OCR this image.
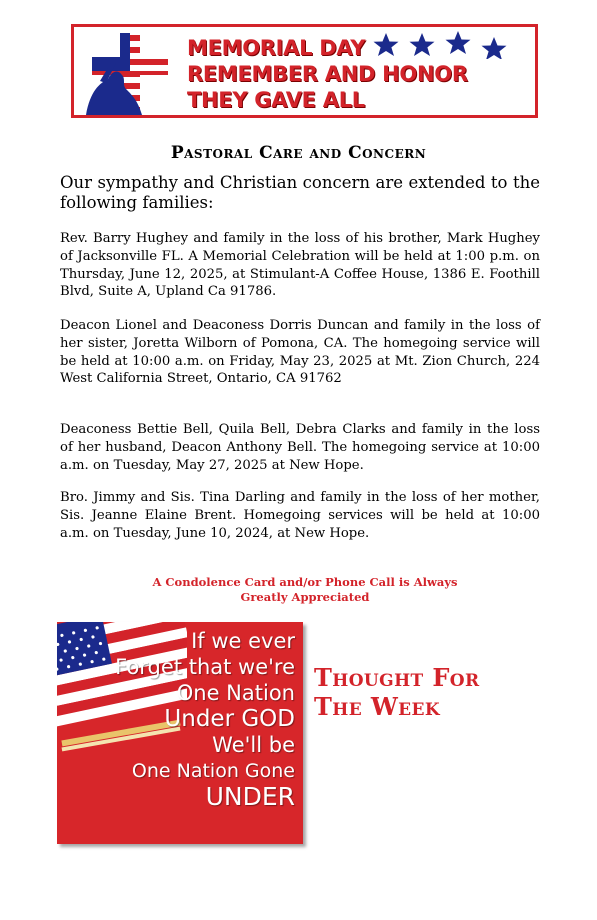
MEMORIAL DAY
REMEMBER AND HONOR
THEY GAVE ALL
Pastoral Care and Concern
Our sympathy and Christian concern are extended to the following families:
Rev. Barry Hughey and family in the loss of his brother, Mark Hughey of Jacksonville FL. A Memorial Celebration will be held at 1:00 p.m. on Thursday, June 12, 2025, at Stimulant-A Coffee House, 1386 E. Foothill Blvd, Suite A, Upland Ca 91786.
Deacon Lionel and Deaconess Dorris Duncan and family in the loss of her sister, Joretta Wilborn of Pomona, CA. The homegoing service will be held at 10:00 a.m. on Friday, May 23, 2025 at Mt. Zion Church, 224 West California Street, Ontario, CA 91762
Deaconess Bettie Bell, Quila Bell, Debra Clarks and family in the loss of her husband, Deacon Anthony Bell. The homegoing service at 10:00 a.m. on Tuesday, May 27, 2025 at New Hope.
Bro. Jimmy and Sis. Tina Darling and family in the loss of her mother, Sis. Jeanne Elaine Brent. Homegoing services will be held at 10:00 a.m. on Tuesday, June 10, 2024, at New Hope.
A Condolence Card and/or Phone Call is Always
Greatly Appreciated
If we ever
Forget that we're
One Nation
Under GOD
We'll be
One Nation Gone
UNDER
Thought For
The Week
